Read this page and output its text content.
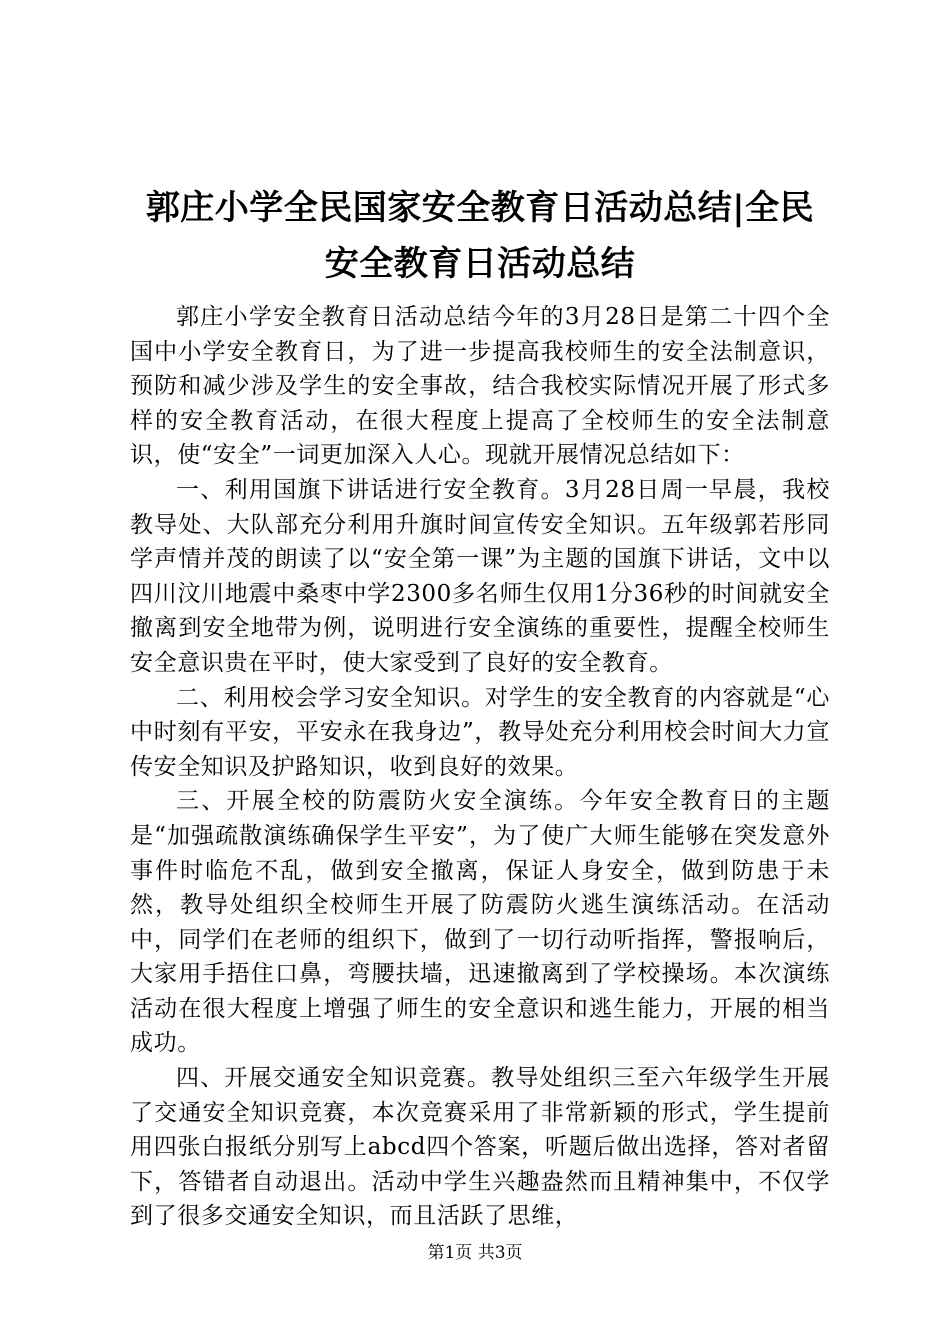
郭庄小学全民国家安全教育日活动总结|全民
安全教育日活动总结

郭庄小学安全教育日活动总结今年的3月28日是第二十四个全国中小学安全教育日，为了进一步提高我校师生的安全法制意识，预防和减少涉及学生的安全事故，结合我校实际情况开展了形式多样的安全教育活动，在很大程度上提高了全校师生的安全法制意识，使“安全”一词更加深入人心。现就开展情况总结如下：

一、利用国旗下讲话进行安全教育。3月28日周一早晨，我校教导处、大队部充分利用升旗时间宣传安全知识。五年级郭若彤同学声情并茂的朗读了以“安全第一课”为主题的国旗下讲话，文中以四川汶川地震中桑枣中学2300多名师生仅用1分36秒的时间就安全撤离到安全地带为例，说明进行安全演练的重要性，提醒全校师生安全意识贵在平时，使大家受到了良好的安全教育。

二、利用校会学习安全知识。对学生的安全教育的内容就是“心中时刻有平安，平安永在我身边”，教导处充分利用校会时间大力宣传安全知识及护路知识，收到良好的效果。

三、开展全校的防震防火安全演练。今年安全教育日的主题是“加强疏散演练确保学生平安”，为了使广大师生能够在突发意外事件时临危不乱，做到安全撤离，保证人身安全，做到防患于未然，教导处组织全校师生开展了防震防火逃生演练活动。在活动中，同学们在老师的组织下，做到了一切行动听指挥，警报响后，大家用手捂住口鼻，弯腰扶墙，迅速撤离到了学校操场。本次演练活动在很大程度上增强了师生的安全意识和逃生能力，开展的相当成功。

四、开展交通安全知识竞赛。教导处组织三至六年级学生开展了交通安全知识竞赛，本次竞赛采用了非常新颖的形式，学生提前用四张白报纸分别写上abcd四个答案，听题后做出选择，答对者留下，答错者自动退出。活动中学生兴趣盎然而且精神集中，不仅学到了很多交通安全知识，而且活跃了思维，

第1页 共3页
